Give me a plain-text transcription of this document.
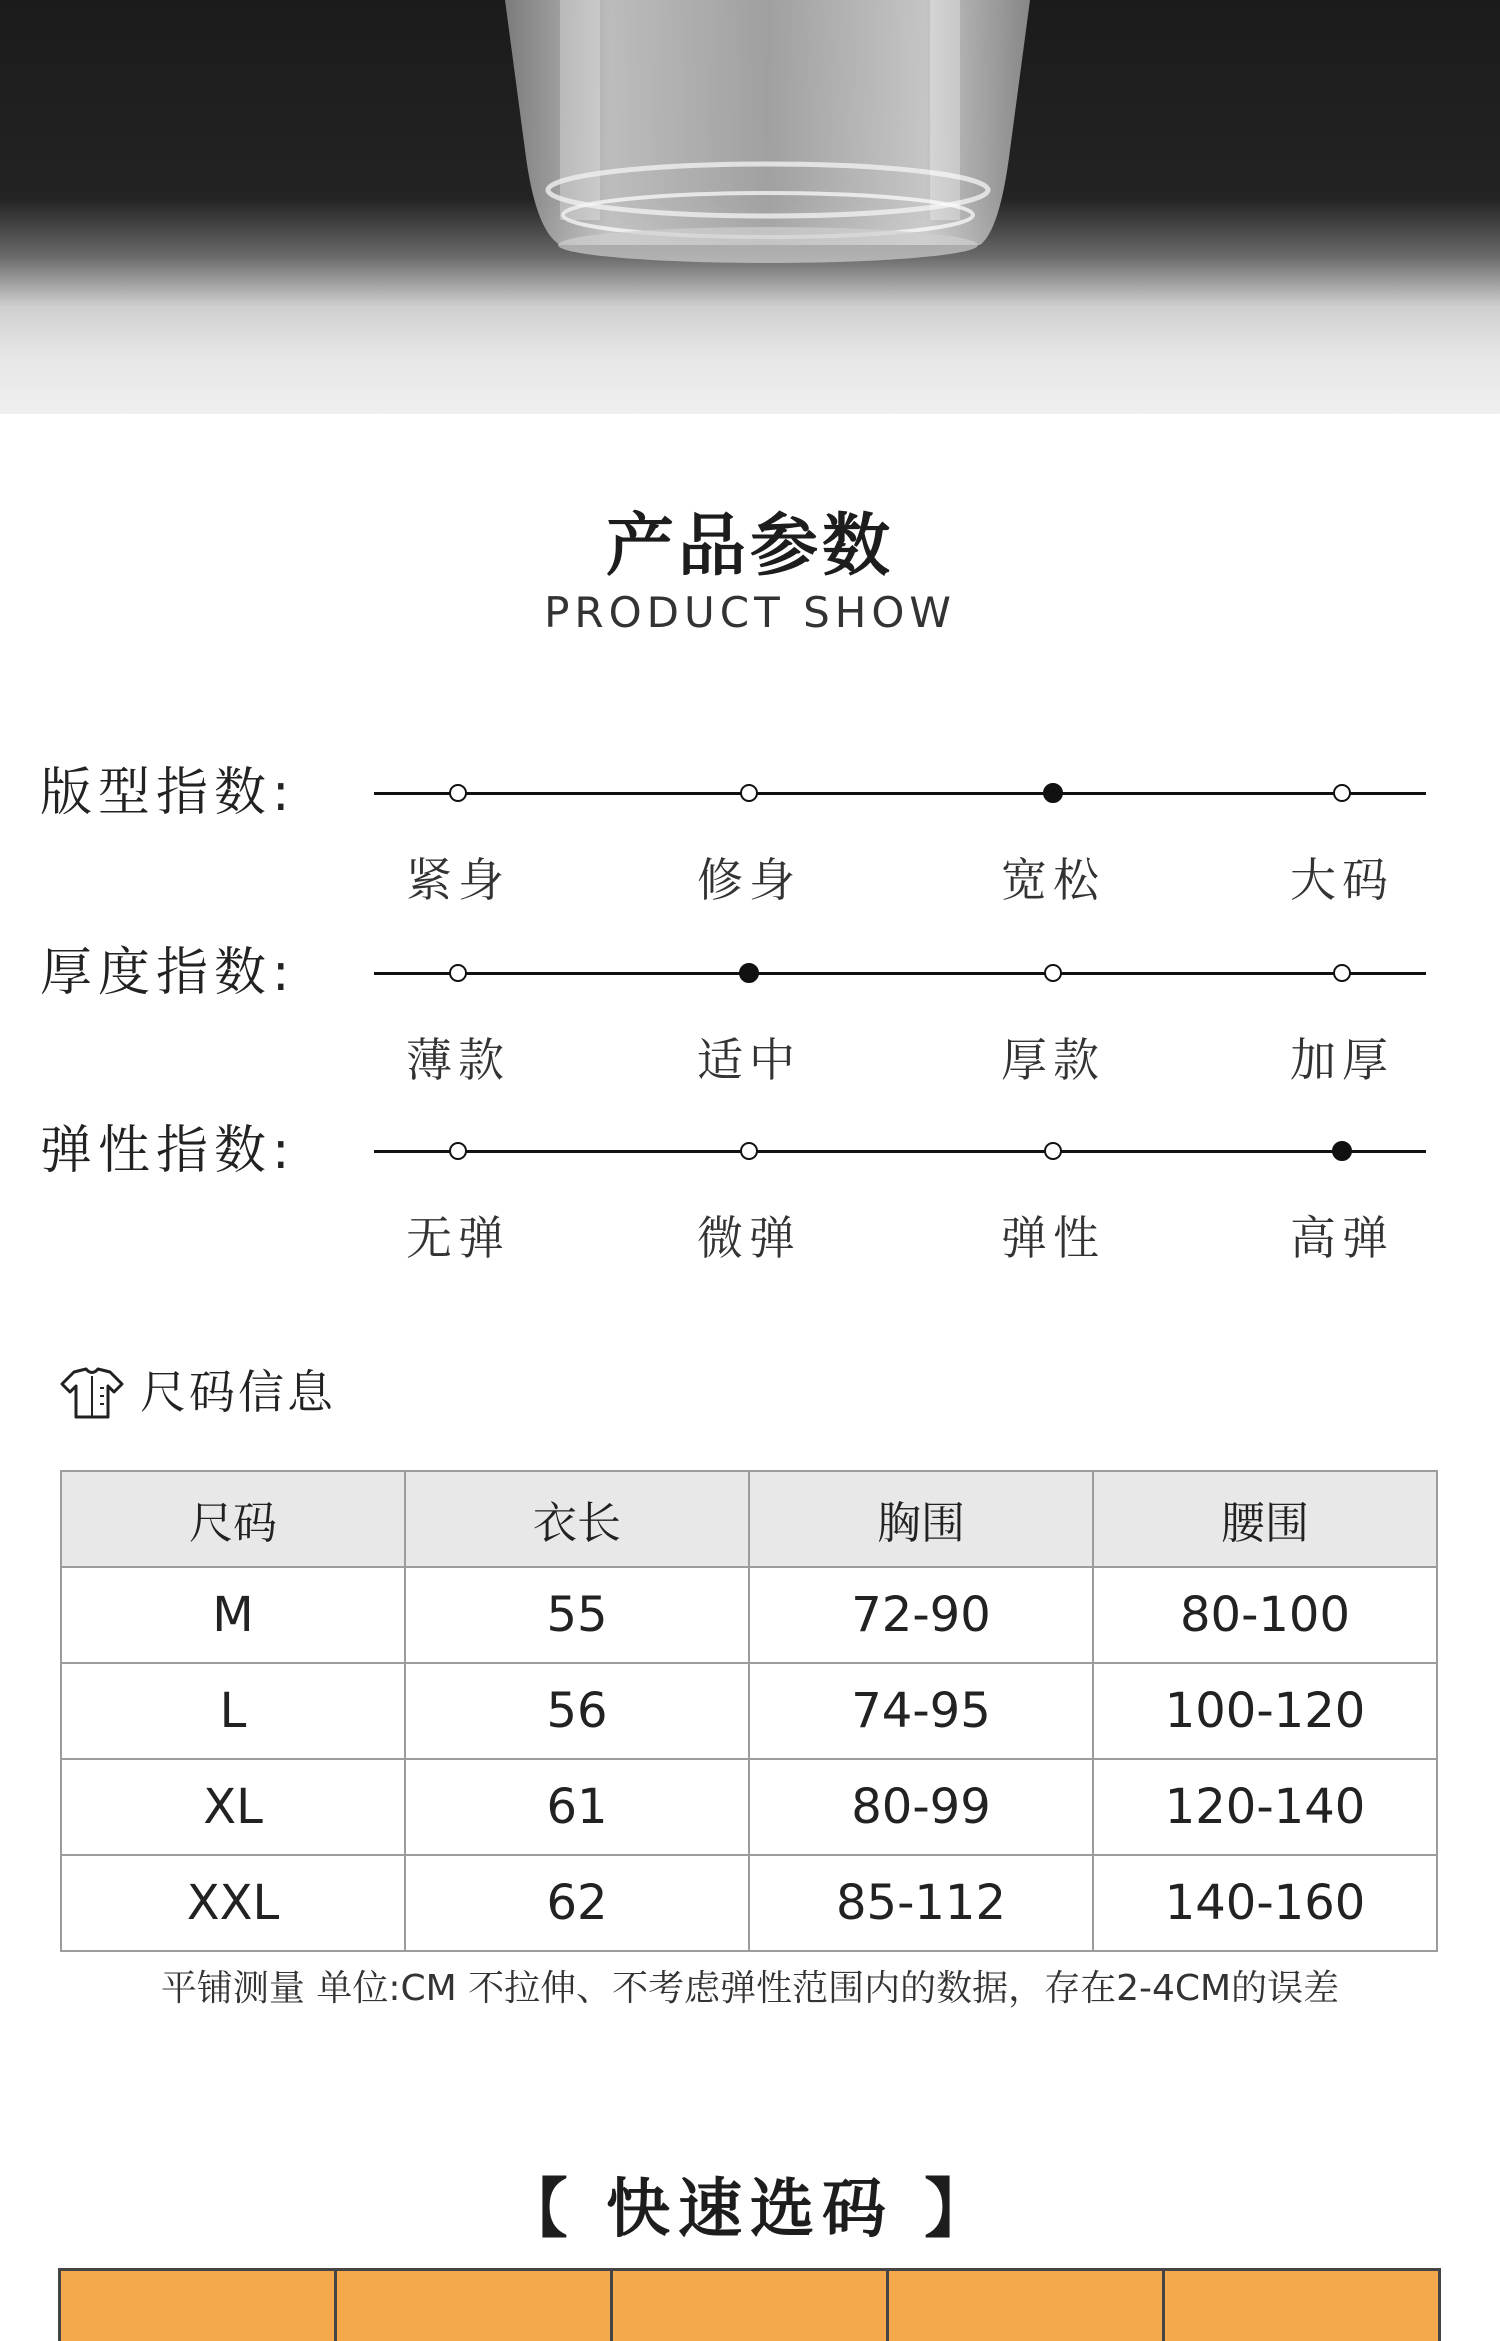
产品参数
PRODUCT SHOW
版型指数:
紧身	修身	宽松	大码
厚度指数:
薄款	适中	厚款	加厚
弹性指数:
无弹	微弹	弹性	高弹
尺码信息
尺码	衣长	胸围	腰围
M	55	72-90	80-100
L	56	74-95	100-120
XL	61	80-99	120-140
XXL	62	85-112	140-160
平铺测量 单位:CM 不拉伸、不考虑弹性范围内的数据，存在2-4CM的误差
【 快速选码 】
